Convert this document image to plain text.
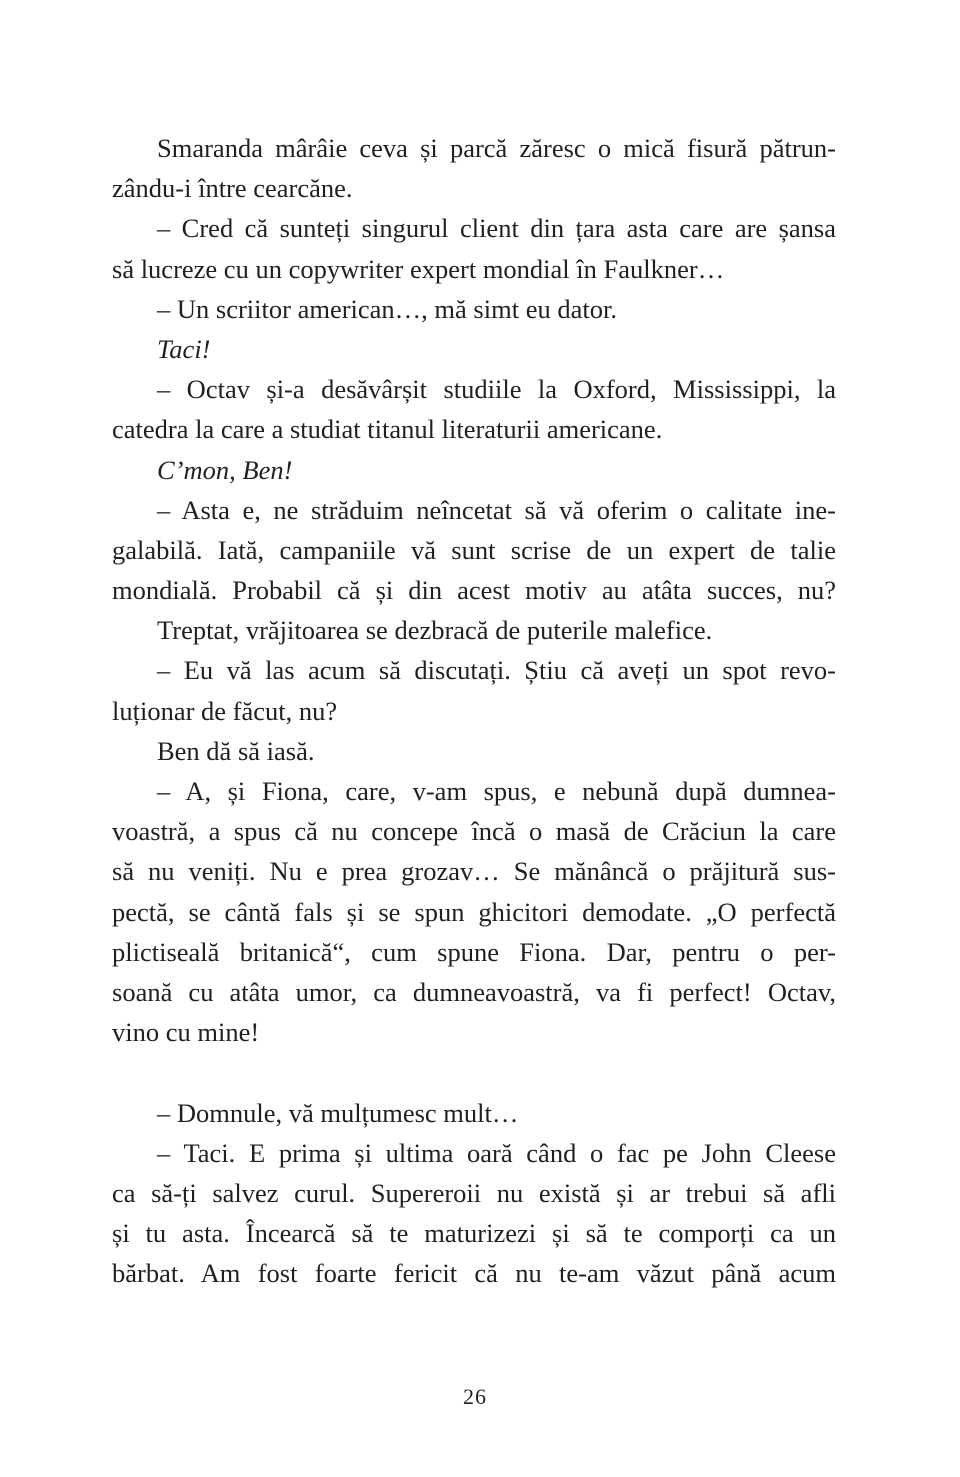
Smaranda mârâie ceva și parcă zăresc o mică fisură pătrun-
zându-i între cearcăne.
– Cred că sunteți singurul client din țara asta care are șansa
să lucreze cu un copywriter expert mondial în Faulkner…
– Un scriitor american…, mă simt eu dator.
Taci!
– Octav și-a desăvârșit studiile la Oxford, Mississippi, la
catedra la care a studiat titanul literaturii americane.
C’mon, Ben!
– Asta e, ne străduim neîncetat să vă oferim o calitate ine-
galabilă. Iată, campaniile vă sunt scrise de un expert de talie
mondială. Probabil că și din acest motiv au atâta succes, nu?
Treptat, vrăjitoarea se dezbracă de puterile malefice.
– Eu vă las acum să discutați. Știu că aveți un spot revo-
luționar de făcut, nu?
Ben dă să iasă.
– A, și Fiona, care, v-am spus, e nebună după dumnea-
voastră, a spus că nu concepe încă o masă de Crăciun la care
să nu veniți. Nu e prea grozav… Se mănâncă o prăjitură sus-
pectă, se cântă fals și se spun ghicitori demodate. „O perfectă
plictiseală britanică“, cum spune Fiona. Dar, pentru o per-
soană cu atâta umor, ca dumneavoastră, va fi perfect! Octav,
vino cu mine!
– Domnule, vă mulțumesc mult…
– Taci. E prima și ultima oară când o fac pe John Cleese
ca să-ți salvez curul. Supereroii nu există și ar trebui să afli
și tu asta. Încearcă să te maturizezi și să te comporți ca un
bărbat. Am fost foarte fericit că nu te-am văzut până acum
26
